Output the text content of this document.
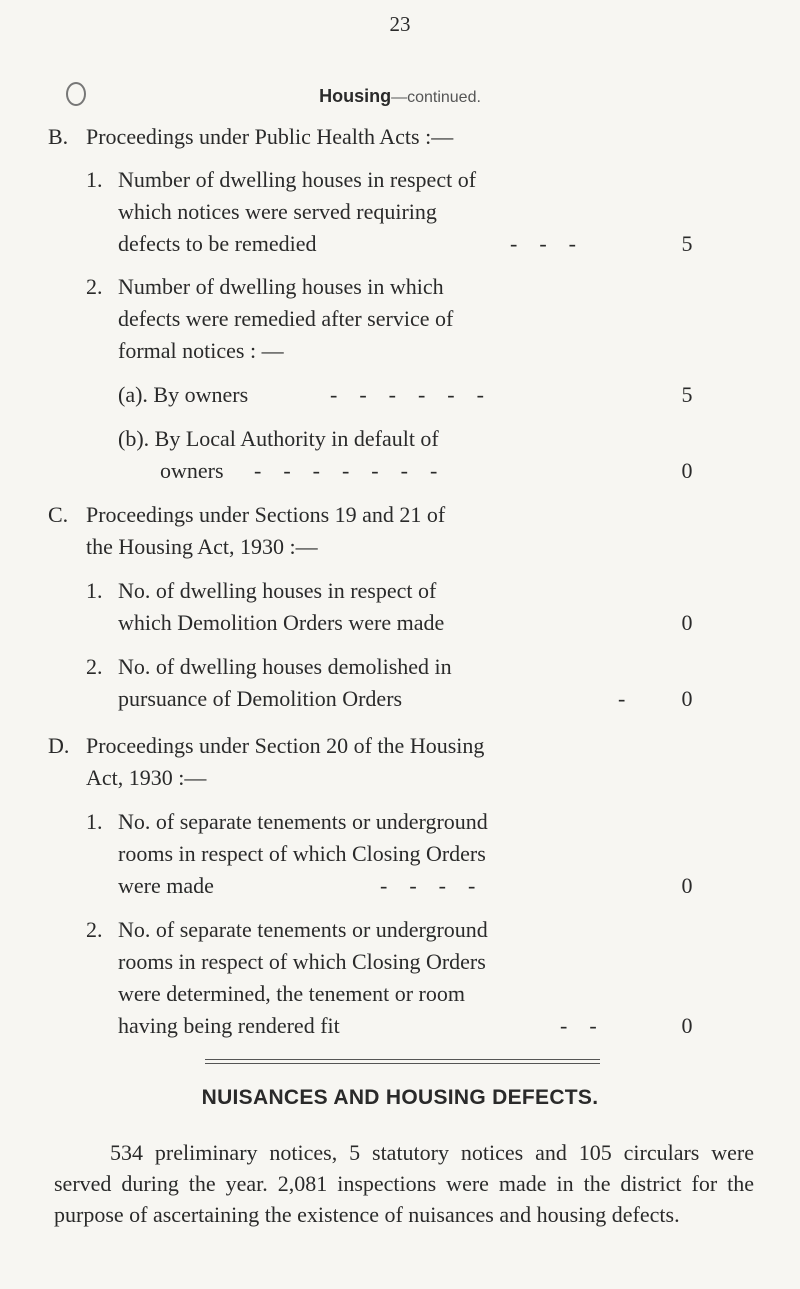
23
Housing—continued.
B. Proceedings under Public Health Acts :—
1. Number of dwelling houses in respect of
which notices were served requiring
defects to be remedied	-    -    -	5
2. Number of dwelling houses in which
defects were remedied after service of
formal notices : —
(a). By owners	-    -    -    -    -    -	5
(b). By Local Authority in default of
owners -    -    -    -    -    -    -	0
C. Proceedings under Sections 19 and 21 of
the Housing Act, 1930 :—
1. No. of dwelling houses in respect of
which Demolition Orders were made	0
2. No. of dwelling houses demolished in
pursuance of Demolition Orders	-	0
D. Proceedings under Section 20 of the Housing
Act, 1930 :—
1. No. of separate tenements or underground
rooms in respect of which Closing Orders
were made	-    -    -    -	0
2. No. of separate tenements or underground
rooms in respect of which Closing Orders
were determined, the tenement or room
having being rendered fit	-    -	0
NUISANCES AND HOUSING DEFECTS.
534 preliminary notices, 5 statutory notices and 105 circulars were served during the year. 2,081 inspections were made in the district for the purpose of ascertaining the existence of nuisances and housing defects.
